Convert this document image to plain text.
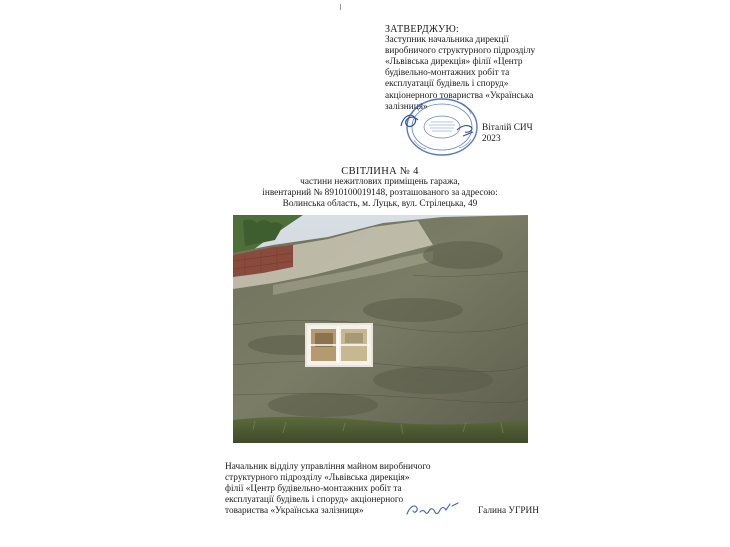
ЗАТВЕРДЖУЮ:
Заступник начальника дирекції
виробничого структурного підрозділу
«Львівська дирекція» філії «Центр
будівельно-монтажних робіт та
експлуатації будівель і споруд»
акціонерного товариства «Українська
залізниця»
Віталій СИЧ
2023
СВІТЛИНА № 4
частини нежитлових приміщень гаража,
інвентарний № 8910100019148, розташованого за адресою:
Волинська область, м. Луцьк, вул. Стрілецька, 49
Начальник відділу управління майном виробничого
структурного підрозділу «Львівська дирекція»
філії «Центр будівельно-монтажних робіт та
експлуатації будівель і споруд» акціонерного
товариства «Українська залізниця»	Галина УГРИН
